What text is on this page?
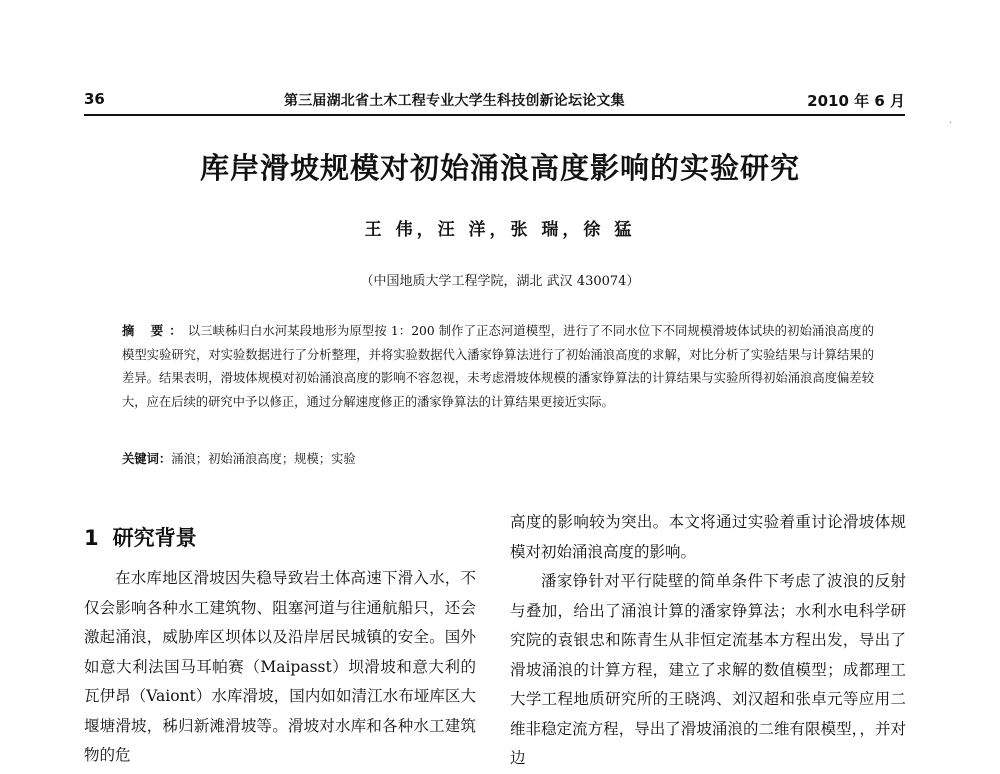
36	第三届湖北省土木工程专业大学生科技创新论坛论文集	2010 年 6 月
·
库岸滑坡规模对初始涌浪高度影响的实验研究
王 伟，汪 洋，张 瑞，徐 猛
（中国地质大学工程学院，湖北 武汉 430074）
摘 要：以三峡秭归白水河某段地形为原型按 1：200 制作了正态河道模型，进行了不同水位下不同规模滑坡体试块的初始涌浪高度的模型实验研究，对实验数据进行了分析整理，并将实验数据代入潘家铮算法进行了初始涌浪高度的求解，对比分析了实验结果与计算结果的差异。结果表明，滑坡体规模对初始涌浪高度的影响不容忽视，未考虑滑坡体规模的潘家铮算法的计算结果与实验所得初始涌浪高度偏差较大，应在后续的研究中予以修正，通过分解速度修正的潘家铮算法的计算结果更接近实际。
关键词：涌浪；初始涌浪高度；规模；实验
1 研究背景

在水库地区滑坡因失稳导致岩土体高速下滑入水，不仅会影响各种水工建筑物、阻塞河道与往通航船只，还会激起涌浪，威胁库区坝体以及沿岸居民城镇的安全。国外如意大利法国马耳帕赛（Maipasst）坝滑坡和意大利的瓦伊昂（Vaiont）水库滑坡，国内如如清江水布垭库区大堰塘滑坡，秭归新滩滑坡等。滑坡对水库和各种水工建筑物的危

高度的影响较为突出。本文将通过实验着重讨论滑坡体规模对初始涌浪高度的影响。

潘家铮针对平行陡壁的简单条件下考虑了波浪的反射与叠加，给出了涌浪计算的潘家铮算法；水利水电科学研究院的袁银忠和陈青生从非恒定流基本方程出发，导出了滑坡涌浪的计算方程，建立了求解的数值模型；成都理工大学工程地质研究所的王晓鸿、刘汉超和张卓元等应用二维非稳定流方程，导出了滑坡涌浪的二维有限模型，，并对边
